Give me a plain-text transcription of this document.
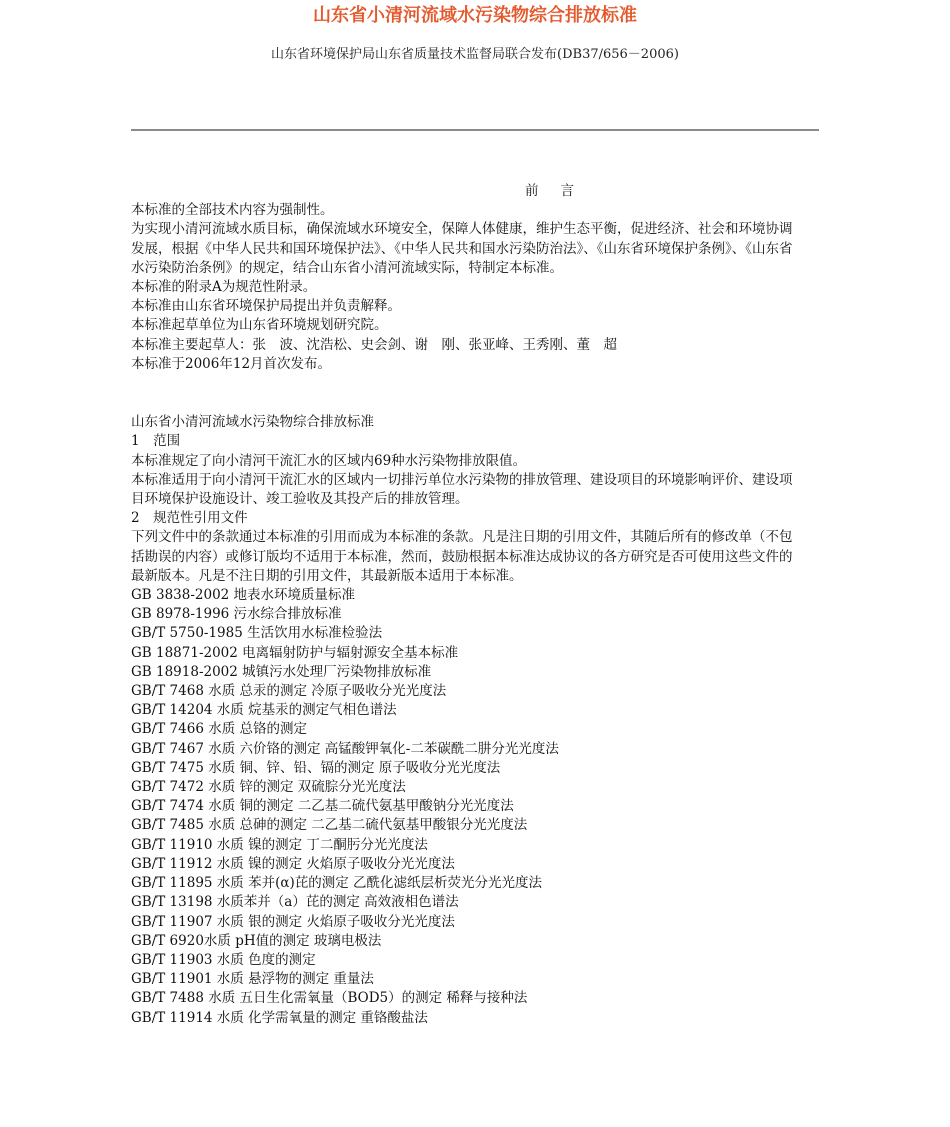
山东省小清河流域水污染物综合排放标准
山东省环境保护局山东省质量技术监督局联合发布(DB37/656－2006)

前言

本标准的全部技术内容为强制性。

为实现小清河流域水质目标，确保流域水环境安全，保障人体健康，维护生态平衡，促进经济、社会和环境协调发展，根据《中华人民共和国环境保护法》、《中华人民共和国水污染防治法》、《山东省环境保护条例》、《山东省水污染防治条例》的规定，结合山东省小清河流域实际，特制定本标准。

本标准的附录A为规范性附录。

本标准由山东省环境保护局提出并负责解释。

本标准起草单位为山东省环境规划研究院。

本标准主要起草人：张　波、沈浩松、史会剑、谢　刚、张亚峰、王秀刚、董　超

本标准于2006年12月首次发布。

山东省小清河流域水污染物综合排放标准

1　范围

本标准规定了向小清河干流汇水的区域内69种水污染物排放限值。

本标准适用于向小清河干流汇水的区域内一切排污单位水污染物的排放管理、建设项目的环境影响评价、建设项目环境保护设施设计、竣工验收及其投产后的排放管理。

2　规范性引用文件

下列文件中的条款通过本标准的引用而成为本标准的条款。凡是注日期的引用文件，其随后所有的修改单（不包括勘误的内容）或修订版均不适用于本标准，然而，鼓励根据本标准达成协议的各方研究是否可使用这些文件的最新版本。凡是不注日期的引用文件，其最新版本适用于本标准。

GB 3838-2002 地表水环境质量标准
GB 8978-1996 污水综合排放标准
GB/T 5750-1985 生活饮用水标准检验法
GB 18871-2002 电离辐射防护与辐射源安全基本标准
GB 18918-2002 城镇污水处理厂污染物排放标准
GB/T 7468 水质 总汞的测定 冷原子吸收分光光度法
GB/T 14204 水质 烷基汞的测定气相色谱法
GB/T 7466 水质 总铬的测定
GB/T 7467 水质 六价铬的测定 高锰酸钾氧化-二苯碳酰二肼分光光度法
GB/T 7475 水质 铜、锌、铅、镉的测定 原子吸收分光光度法
GB/T 7472 水质 锌的测定 双硫腙分光光度法
GB/T 7474 水质 铜的测定 二乙基二硫代氨基甲酸钠分光光度法
GB/T 7485 水质 总砷的测定 二乙基二硫代氨基甲酸银分光光度法
GB/T 11910 水质 镍的测定 丁二酮肟分光光度法
GB/T 11912 水质 镍的测定 火焰原子吸收分光光度法
GB/T 11895 水质 苯并(α)芘的测定 乙酰化滤纸层析荧光分光光度法
GB/T 13198 水质苯并（a）芘的测定 高效液相色谱法
GB/T 11907 水质 银的测定 火焰原子吸收分光光度法
GB/T 6920水质 pH值的测定 玻璃电极法
GB/T 11903 水质 色度的测定
GB/T 11901 水质 悬浮物的测定 重量法
GB/T 7488 水质 五日生化需氧量（BOD5）的测定 稀释与接种法
GB/T 11914 水质 化学需氧量的测定 重铬酸盐法
